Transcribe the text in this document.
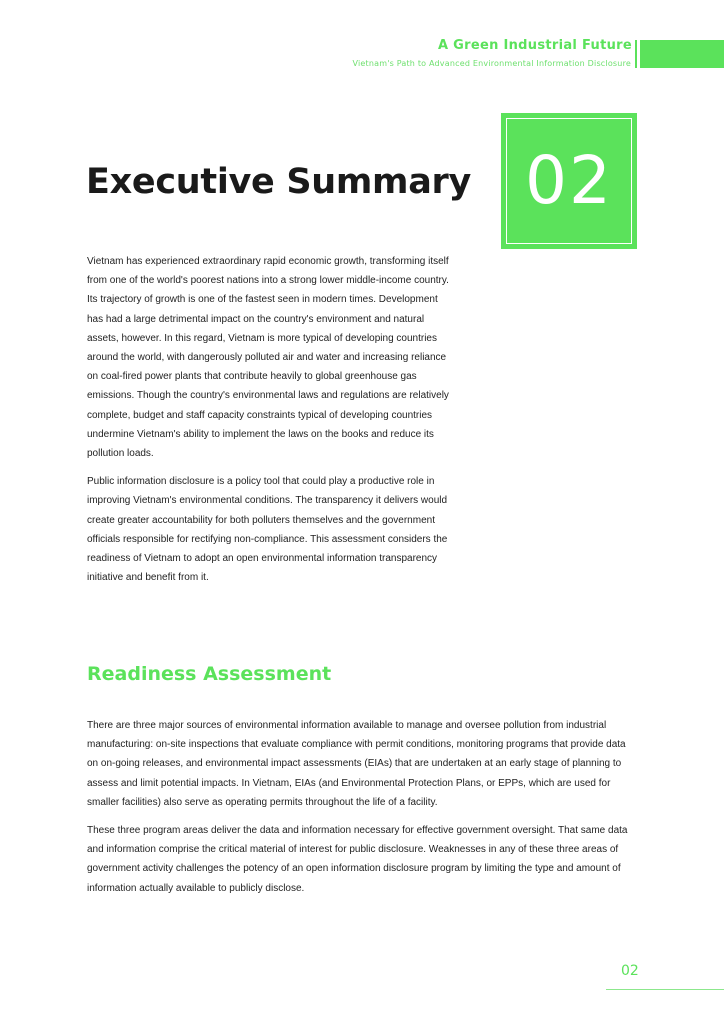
A Green Industrial Future
Vietnam's Path to Advanced Environmental Information Disclosure
02
Executive Summary

Vietnam has experienced extraordinary rapid economic growth, transforming itself from one of the world's poorest nations into a strong lower middle-income country. Its trajectory of growth is one of the fastest seen in modern times. Development has had a large detrimental impact on the country's environment and natural assets, however. In this regard, Vietnam is more typical of developing countries around the world, with dangerously polluted air and water and increasing reliance on coal-fired power plants that contribute heavily to global greenhouse gas emissions. Though the country's environmental laws and regulations are relatively complete, budget and staff capacity constraints typical of developing countries undermine Vietnam's ability to implement the laws on the books and reduce its pollution loads.

Public information disclosure is a policy tool that could play a productive role in improving Vietnam's environmental conditions. The transparency it delivers would create greater accountability for both polluters themselves and the government officials responsible for rectifying non-compliance. This assessment considers the readiness of Vietnam to adopt an open environmental information transparency initiative and benefit from it.

Readiness Assessment

There are three major sources of environmental information available to manage and oversee pollution from industrial manufacturing: on-site inspections that evaluate compliance with permit conditions, monitoring programs that provide data on on-going releases, and environmental impact assessments (EIAs) that are undertaken at an early stage of planning to assess and limit potential impacts. In Vietnam, EIAs (and Environmental Protection Plans, or EPPs, which are used for smaller facilities) also serve as operating permits throughout the life of a facility.

These three program areas deliver the data and information necessary for effective government oversight. That same data and information comprise the critical material of interest for public disclosure. Weaknesses in any of these three areas of government activity challenges the potency of an open information disclosure program by limiting the type and amount of information actually available to publicly disclose.

02
